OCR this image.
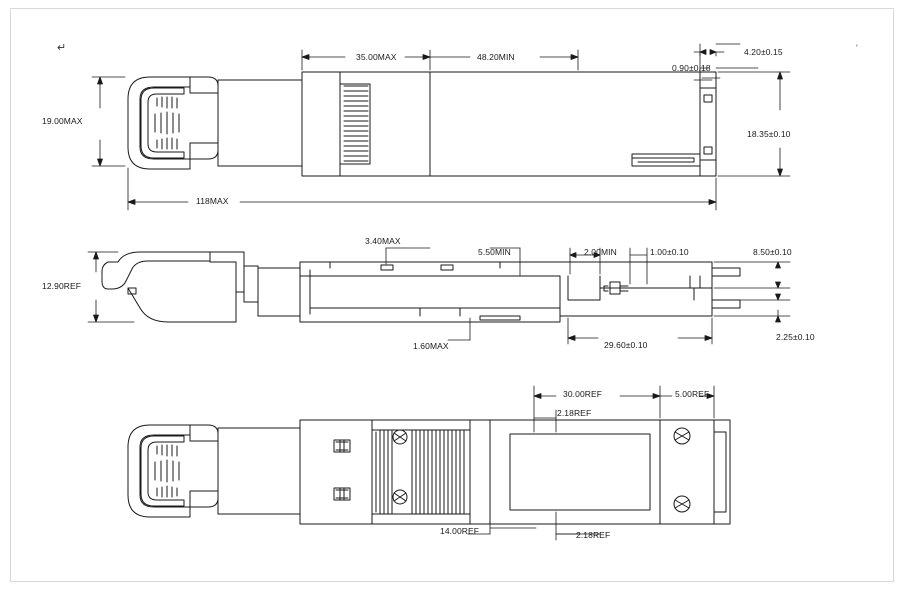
↵	'
35.00MAX	48.20MIN	4.20±0.15
0.90±0.18
19.00MAX
18.35±0.10
118MAX
3.40MAX
5.50MIN	2.00MIN	1.00±0.10	8.50±0.10
12.90REF
1.60MAX	29.60±0.10
2.25±0.10
30.00REF	5.00REF
2.18REF
14.00REF	2.18REF
